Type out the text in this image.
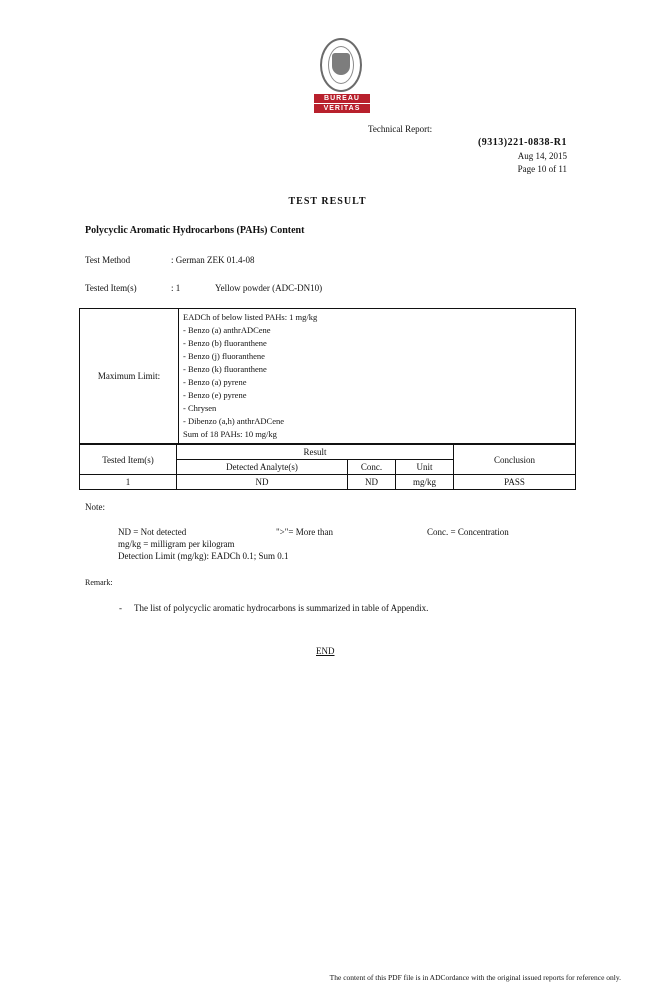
BUREAU
VERITAS
Technical Report:
(9313)221-0838-R1
Aug 14, 2015
Page 10 of 11
TEST RESULT
Polycyclic Aromatic Hydrocarbons (PAHs) Content
Test Method	: German ZEK 01.4-08
Tested Item(s)	: 1	Yellow powder (ADC-DN10)
Maximum Limit:	
EADCh of below listed PAHs: 1 mg/kg
- Benzo (a) anthrADCene
- Benzo (b) fluoranthene
- Benzo (j) fluoranthene
- Benzo (k) fluoranthene
- Benzo (a) pyrene
- Benzo (e) pyrene
- Chrysen
- Dibenzo (a,h) anthrADCene
Sum of 18 PAHs: 10 mg/kg
Tested Item(s)	Result			Conclusion
	Detected Analyte(s)	Conc.	Unit	
1	ND	ND	mg/kg	PASS
Note:
ND = Not detected	">"= More than	Conc. = Concentration
mg/kg = milligram per kilogram
Detection Limit (mg/kg): EADCh 0.1; Sum 0.1
Remark:
- The list of polycyclic aromatic hydrocarbons is summarized in table of Appendix.
END
The content of this PDF file is in ADCordance with the original issued reports for reference only.
